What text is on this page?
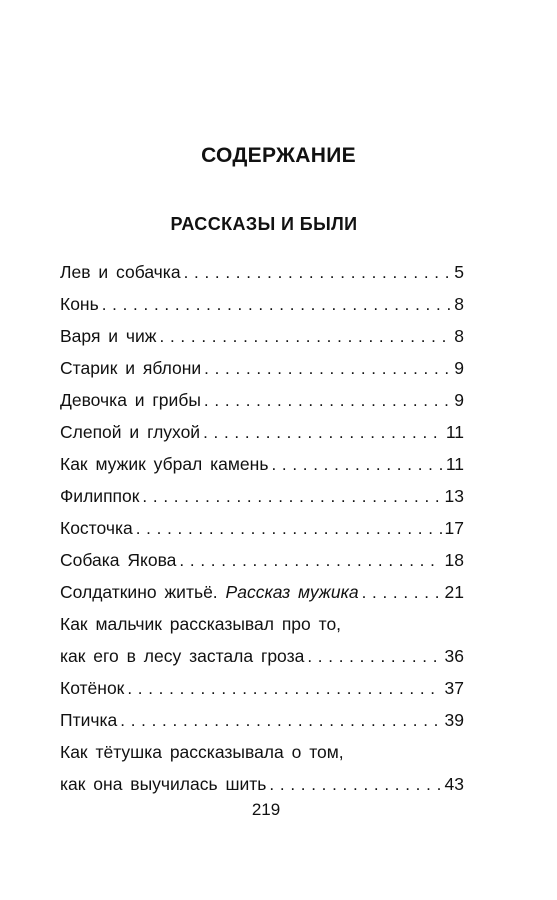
СОДЕРЖАНИЕ
РАССКАЗЫ И БЫЛИ
Лев и собачка . . .	5
Конь . . .	8
Варя и чиж . . .	8
Старик и яблони . . .	9
Девочка и грибы . . .	9
Слепой и глухой . . .	11
Как мужик убрал камень . . .	11
Филиппок . . .	13
Косточка . . .	17
Собака Якова . . .	18
Солдаткино житьё. Рассказ мужика . . .	21
Как мальчик рассказывал про то,
как его в лесу застала гроза . . .	36
Котёнок . . .	37
Птичка . . .	39
Как тётушка рассказывала о том,
как она выучилась шить . . .	43

219
